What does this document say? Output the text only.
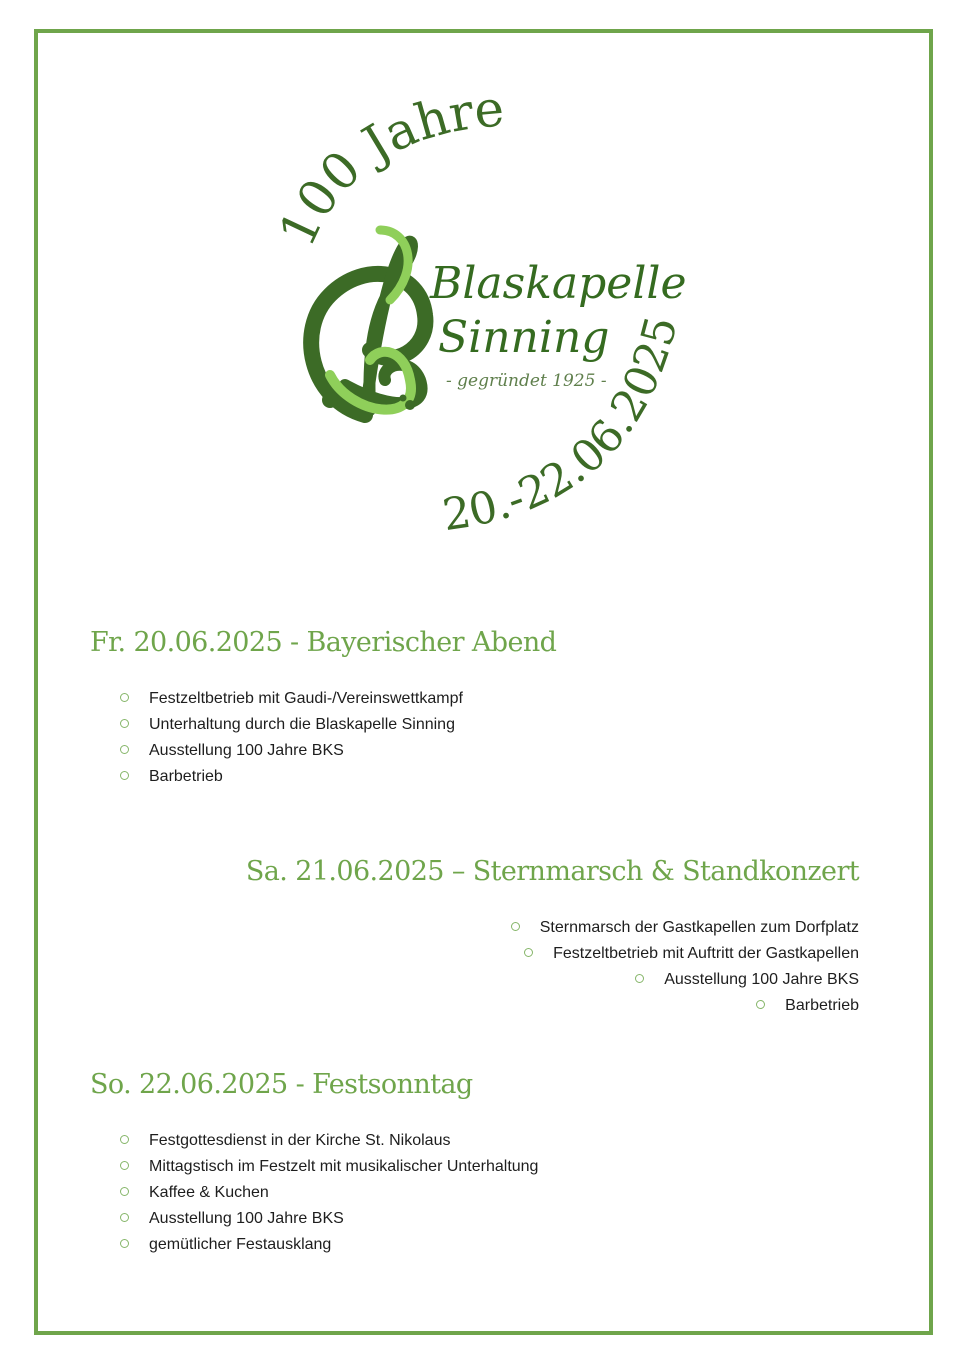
100 Jahre
20.-22.06.2025
Blaskapelle
Sinning
- gegründet 1925 -
Fr. 20.06.2025 - Bayerischer Abend
Festzeltbetrieb mit Gaudi-/Vereinswettkampf
Unterhaltung durch die Blaskapelle Sinning
Ausstellung 100 Jahre BKS
Barbetrieb
Sa. 21.06.2025 – Sternmarsch & Standkonzert
Sternmarsch der Gastkapellen zum Dorfplatz
Festzeltbetrieb mit Auftritt der Gastkapellen
Ausstellung 100 Jahre BKS
Barbetrieb
So. 22.06.2025 - Festsonntag
Festgottesdienst in der Kirche St. Nikolaus
Mittagstisch im Festzelt mit musikalischer Unterhaltung
Kaffee & Kuchen
Ausstellung 100 Jahre BKS
gemütlicher Festausklang
